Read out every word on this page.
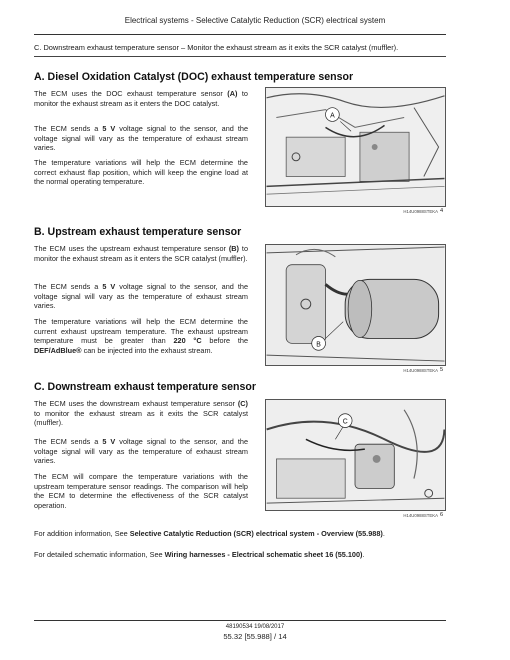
Electrical systems - Selective Catalytic Reduction (SCR) electrical system
C. Downstream exhaust temperature sensor – Monitor the exhaust stream as it exits the SCR catalyst (muffler).
A. Diesel Oxidation Catalyst (DOC) exhaust temperature sensor
The ECM uses the DOC exhaust temperature sensor (A) to monitor the exhaust stream as it enters the DOC catalyst.
The ECM sends a 5 V voltage signal to the sensor, and the voltage signal will vary as the temperature of exhaust stream varies.
The temperature variations will help the ECM determine the correct exhaust flap position, which will keep the engine load at the normal operating temperature.
A
H14U0988STEKA 4
B. Upstream exhaust temperature sensor
The ECM uses the upstream exhaust temperature sensor (B) to monitor the exhaust stream as it enters the SCR catalyst (muffler).
The ECM sends a 5 V voltage signal to the sensor, and the voltage signal will vary as the temperature of exhaust stream varies.
The temperature variations will help the ECM determine the current exhaust upstream temperature. The exhaust upstream temperature must be greater than 220 °C before the DEF/AdBlue® can be injected into the exhaust stream.
B
H14U0988STEKA 5
C. Downstream exhaust temperature sensor
The ECM uses the downstream exhaust temperature sensor (C) to monitor the exhaust stream as it exits the SCR catalyst (muffler).
The ECM sends a 5 V voltage signal to the sensor, and the voltage signal will vary as the temperature of exhaust stream varies.
The ECM will compare the temperature variations with the upstream temperature sensor readings. The comparison will help the ECM to determine the effectiveness of the SCR catalyst operation.
C
H14U0988STEKA 6
For addition information, See Selective Catalytic Reduction (SCR) electrical system - Overview (55.988).
For detailed schematic information, See Wiring harnesses - Electrical schematic sheet 16 (55.100).
48190534 19/08/2017
55.32 [55.988] / 14
